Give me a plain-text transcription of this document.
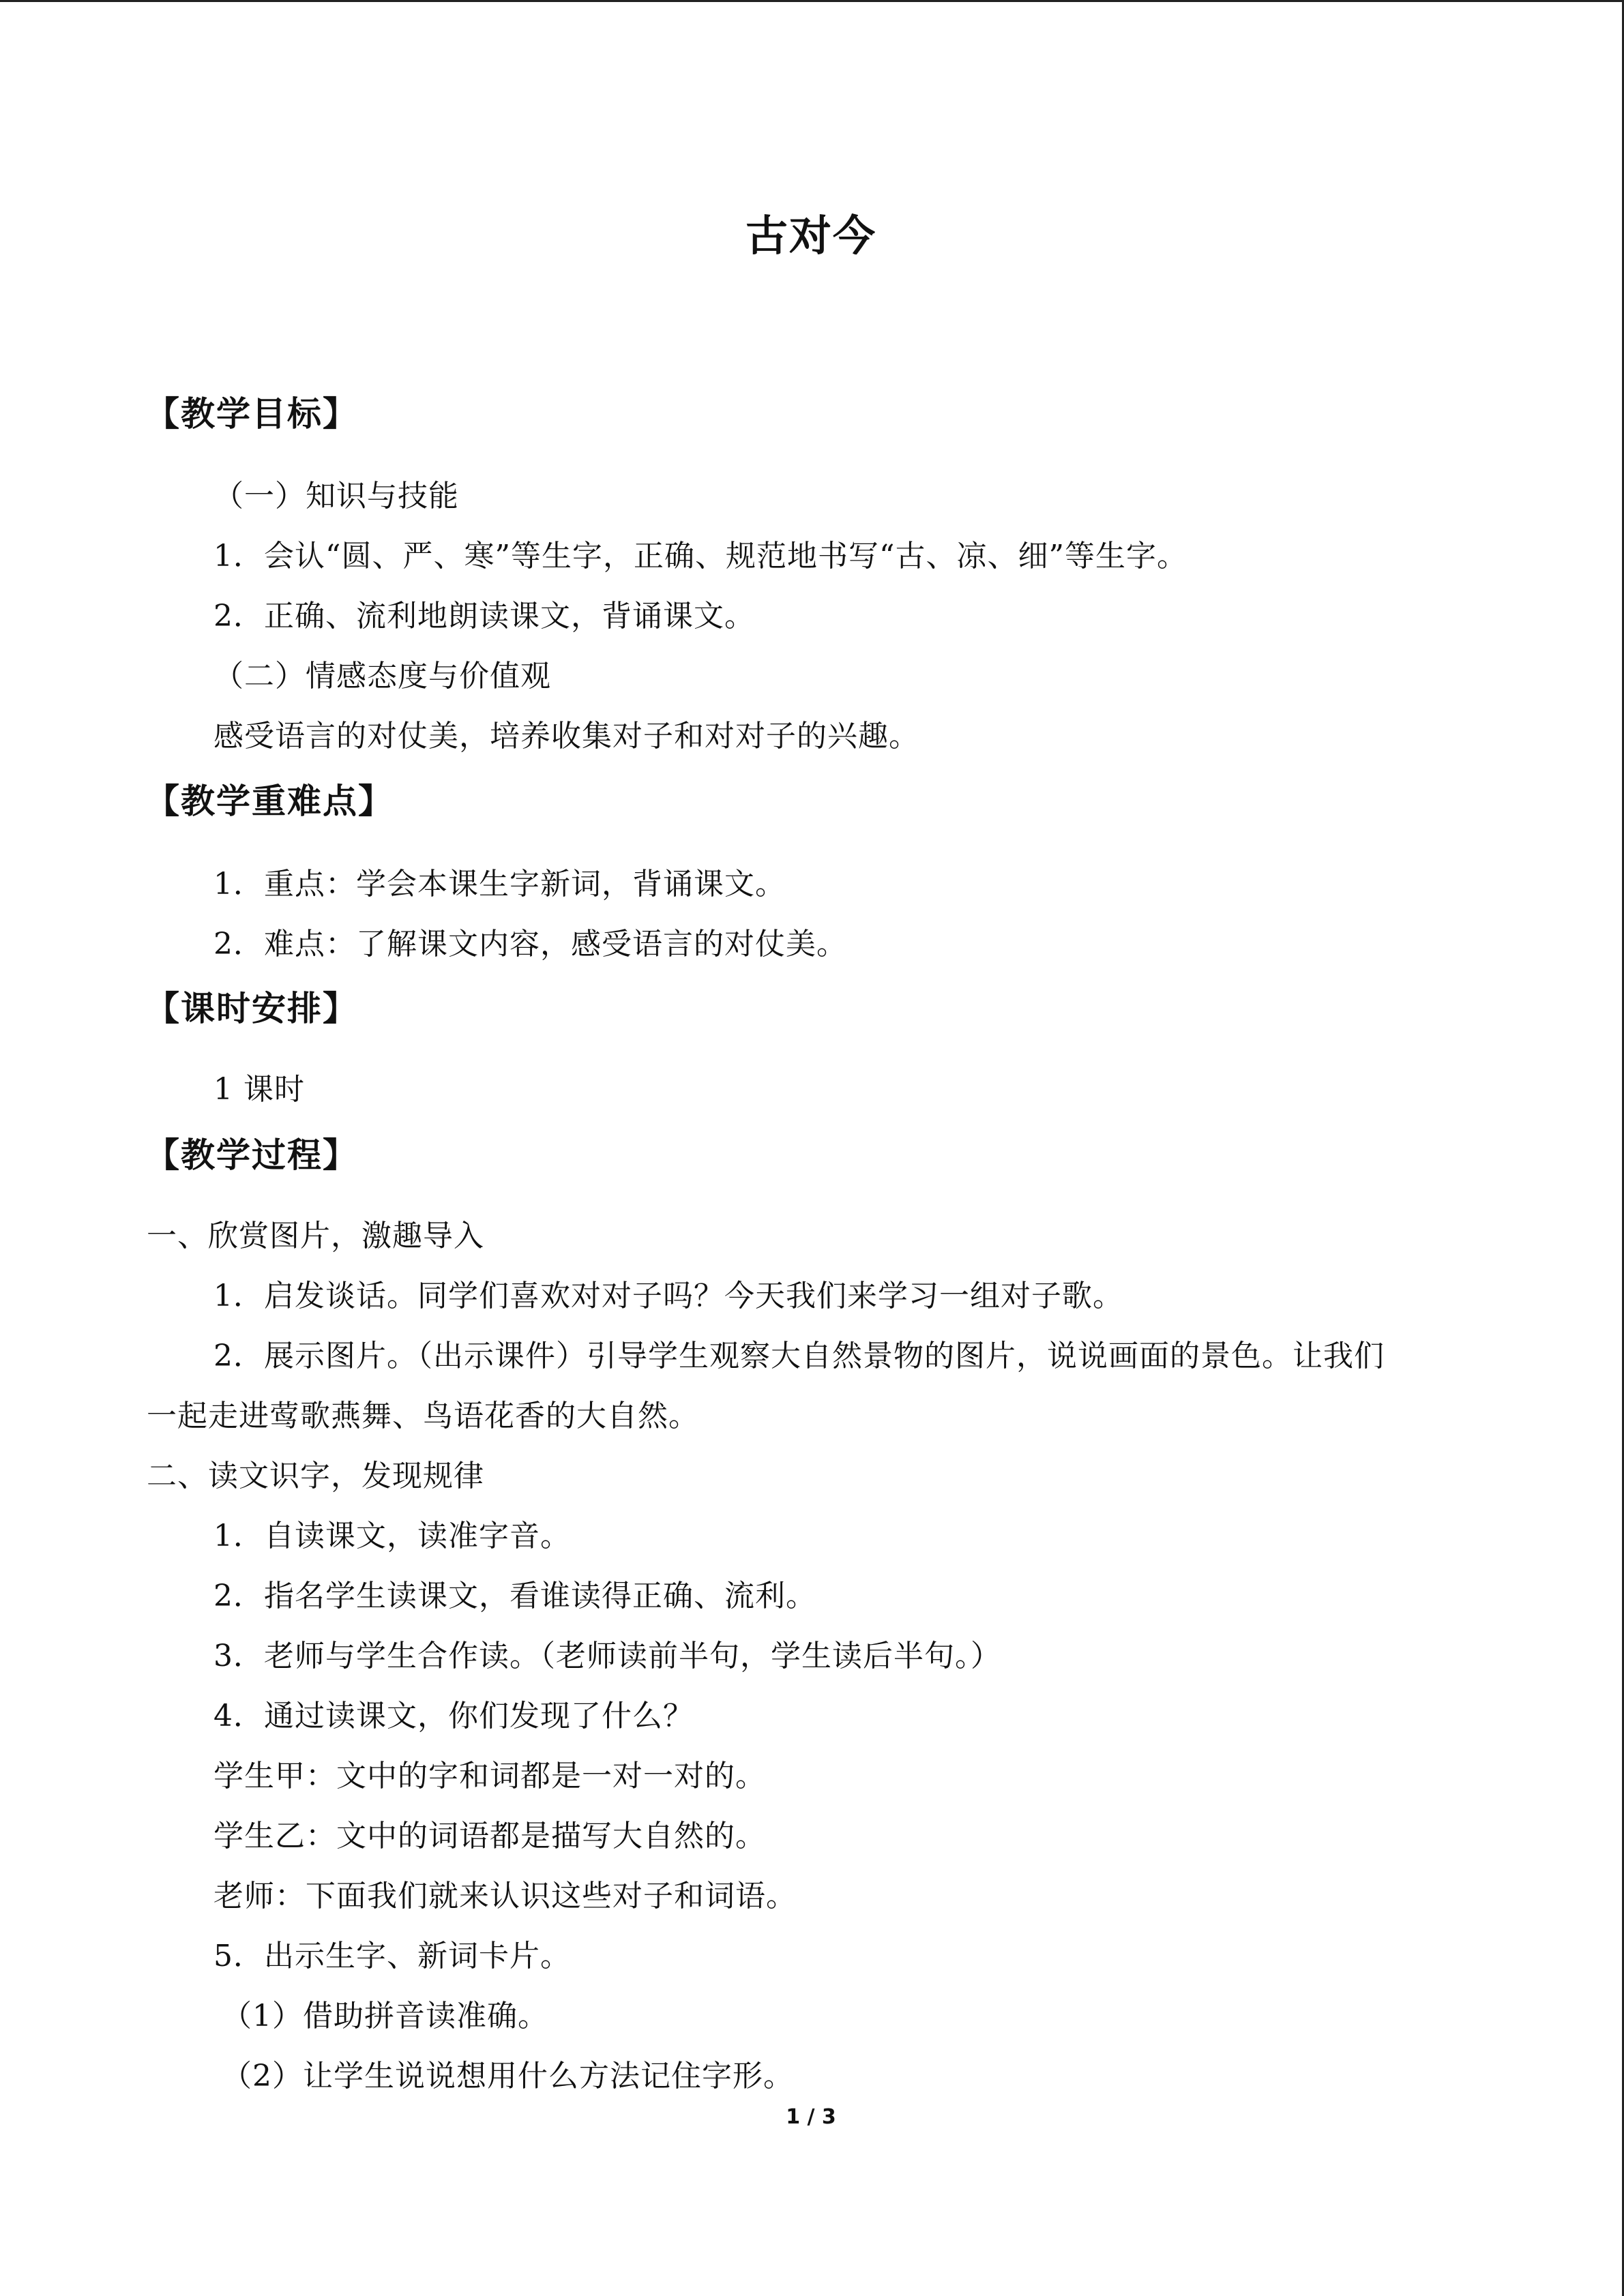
古对今
【教学目标】
（一）知识与技能
1．会认“圆、严、寒”等生字，正确、规范地书写“古、凉、细”等生字。
2．正确、流利地朗读课文，背诵课文。
（二）情感态度与价值观
感受语言的对仗美，培养收集对子和对对子的兴趣。
【教学重难点】
1．重点：学会本课生字新词，背诵课文。
2．难点：了解课文内容，感受语言的对仗美。
【课时安排】
1 课时
【教学过程】
一、欣赏图片，激趣导入
1．启发谈话。同学们喜欢对对子吗？今天我们来学习一组对子歌。
2．展示图片。（出示课件）引导学生观察大自然景物的图片，说说画面的景色。让我们
一起走进莺歌燕舞、鸟语花香的大自然。
二、读文识字，发现规律
1．自读课文，读准字音。
2．指名学生读课文，看谁读得正确、流利。
3．老师与学生合作读。（老师读前半句，学生读后半句。）
4．通过读课文，你们发现了什么？
学生甲：文中的字和词都是一对一对的。
学生乙：文中的词语都是描写大自然的。
老师：下面我们就来认识这些对子和词语。
5．出示生字、新词卡片。
（1）借助拼音读准确。
（2）让学生说说想用什么方法记住字形。
1 / 3
